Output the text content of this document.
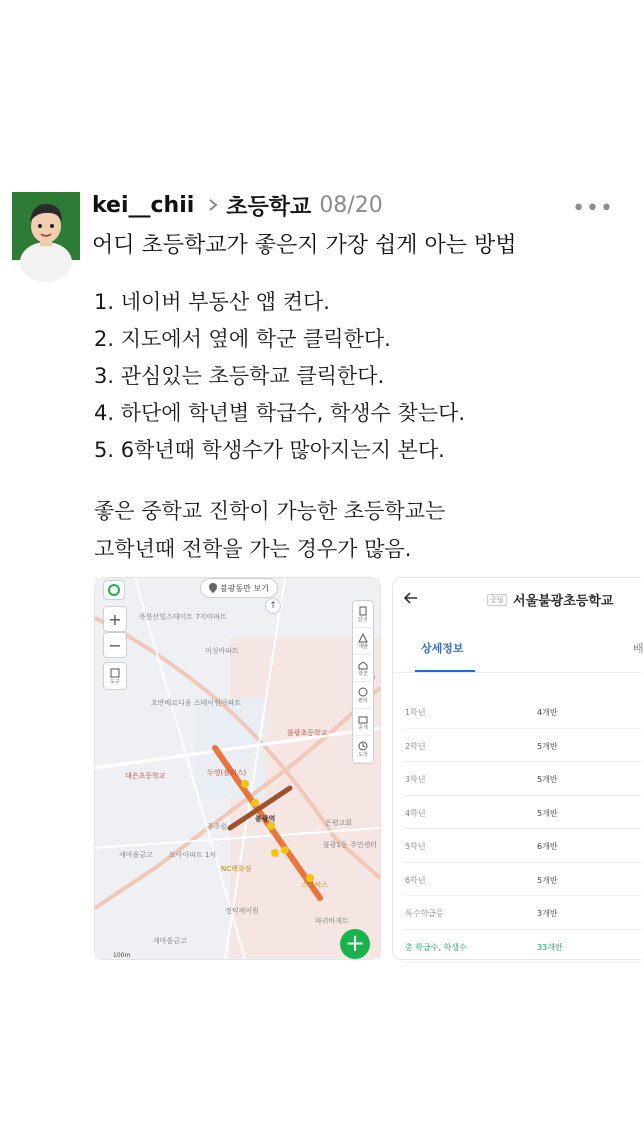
kei__chii 초등학교 08/20	•••
어디 초등학교가 좋은지 가장 쉽게 아는 방법
1. 네이버 부동산 앱 켠다.
2. 지도에서 옆에 학군 클릭한다.
3. 관심있는 초등학교 클릭한다.
4. 하단에 학년별 학급수, 학생수 찾는다.
5. 6학년때 학생수가 많아지는지 본다.
좋은 중학교 진학이 가능한 초등학교는
고학년때 전학을 가는 경우가 많음.
불광동만 보기
↑
+
−
도구
단지
개발
학군
편의
중개
도착
북한산힐스테이트 7지아파트
미성아파트
호반베르디움 스테이원아파트
대은초등학교
불광초등학교
두영(플리스)
은평교회
불광역
주주원
새마을금고 모아아파트 1차
NC백화점
불광1동 주민센터
스타벅스
정익제이원
파리바게트
새마을금고
100m	+
공립 서울불광초등학교
상세정보	배
1학년	4개반
2학년	5개반
3학년	5개반
4학년	5개반
5학년	6개반
6학년	5개반
특수학급등	3개반
총 학급수, 학생수	33개반
